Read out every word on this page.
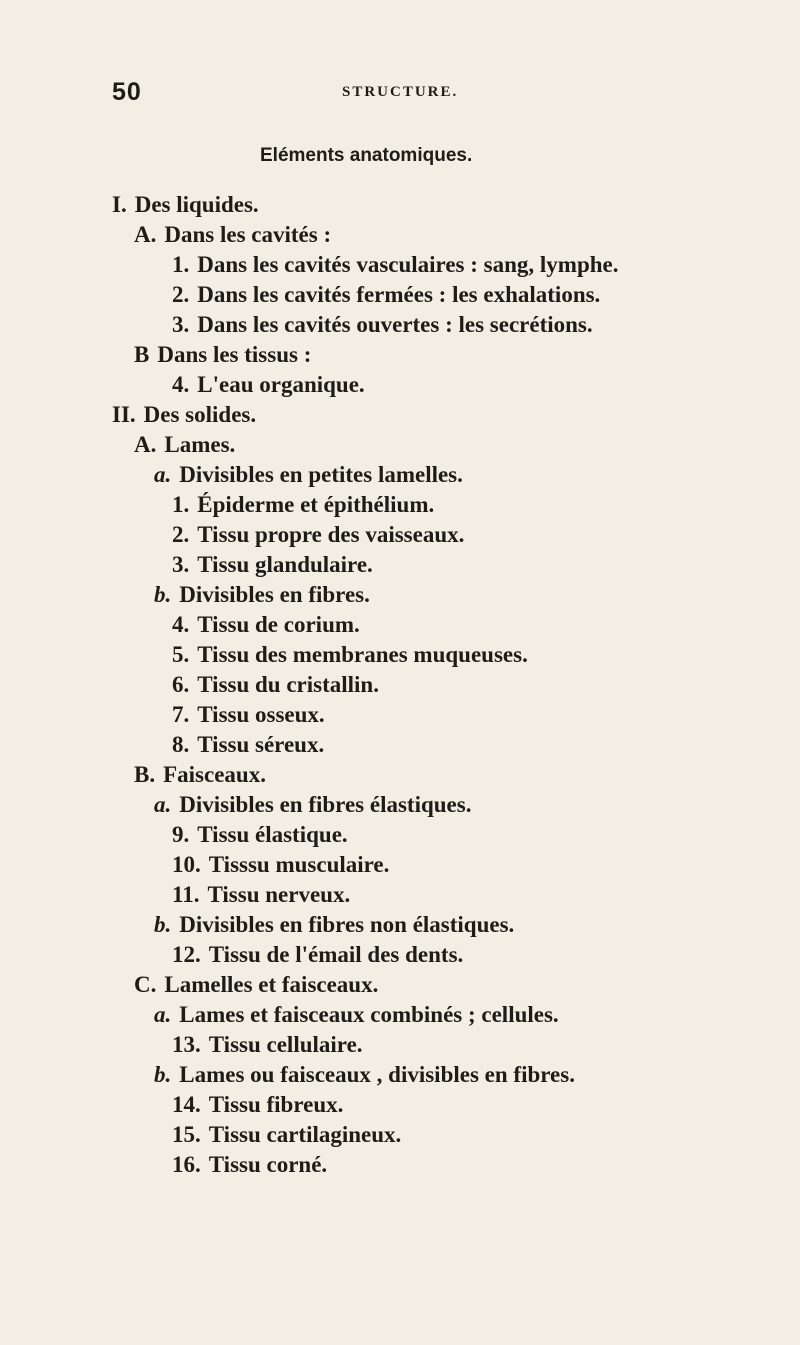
50	STRUCTURE.
Eléments anatomiques.
I. Des liquides.
A. Dans les cavités :
1. Dans les cavités vasculaires : sang, lymphe.
2. Dans les cavités fermées : les exhalations.
3. Dans les cavités ouvertes : les secrétions.
B Dans les tissus :
4. L'eau organique.
II. Des solides.
A. Lames.
a. Divisibles en petites lamelles.
1. Épiderme et épithélium.
2. Tissu propre des vaisseaux.
3. Tissu glandulaire.
b. Divisibles en fibres.
4. Tissu de corium.
5. Tissu des membranes muqueuses.
6. Tissu du cristallin.
7. Tissu osseux.
8. Tissu séreux.
B. Faisceaux.
a. Divisibles en fibres élastiques.
9. Tissu élastique.
10. Tisssu musculaire.
11. Tissu nerveux.
b. Divisibles en fibres non élastiques.
12. Tissu de l'émail des dents.
C. Lamelles et faisceaux.
a. Lames et faisceaux combinés ; cellules.
13. Tissu cellulaire.
b. Lames ou faisceaux , divisibles en fibres.
14. Tissu fibreux.
15. Tissu cartilagineux.
16. Tissu corné.
